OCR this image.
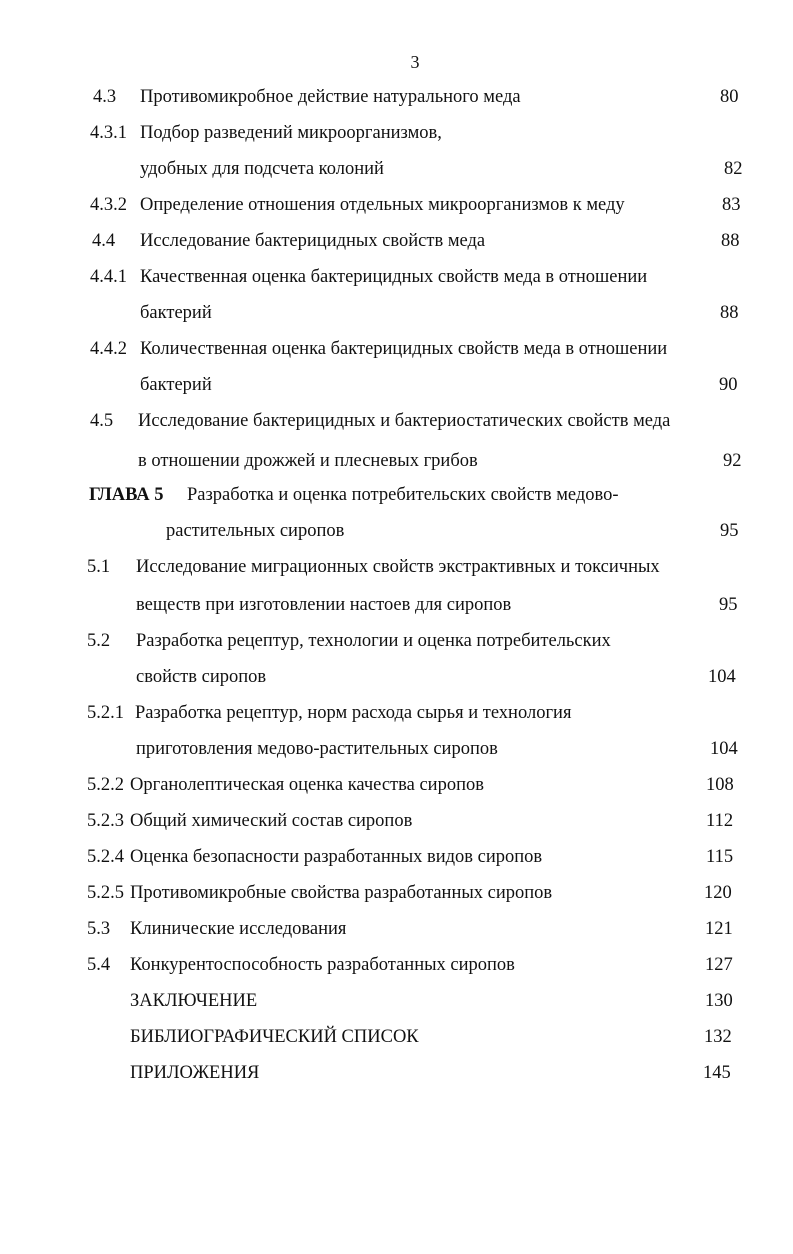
3
4.3 Противомикробное действие натурального меда	80
4.3.1 Подбор разведений микроорганизмов,
удобных для подсчета колоний	82
4.3.2 Определение отношения отдельных микроорганизмов к меду	83
4.4 Исследование бактерицидных свойств меда	88
4.4.1 Качественная оценка бактерицидных свойств меда в отношении
бактерий	88
4.4.2 Количественная оценка бактерицидных свойств меда в отношении
бактерий	90
4.5 Исследование бактерицидных и бактериостатических свойств меда
в отношении дрожжей и плесневых грибов	92
ГЛАВА 5 Разработка и оценка потребительских свойств медово-
растительных сиропов	95
5.1 Исследование миграционных свойств экстрактивных и токсичных
веществ при изготовлении настоев для сиропов	95
5.2 Разработка рецептур, технологии и оценка потребительских
свойств сиропов	104
5.2.1 Разработка рецептур, норм расхода сырья и технология
приготовления медово-растительных сиропов	104
5.2.2 Органолептическая оценка качества сиропов	108
5.2.3 Общий химический состав сиропов	112
5.2.4 Оценка безопасности разработанных видов сиропов	115
5.2.5 Противомикробные свойства разработанных сиропов	120
5.3 Клинические исследования	121
5.4 Конкурентоспособность разработанных сиропов	127
ЗАКЛЮЧЕНИЕ	130
БИБЛИОГРАФИЧЕСКИЙ СПИСОК	132
ПРИЛОЖЕНИЯ	145
